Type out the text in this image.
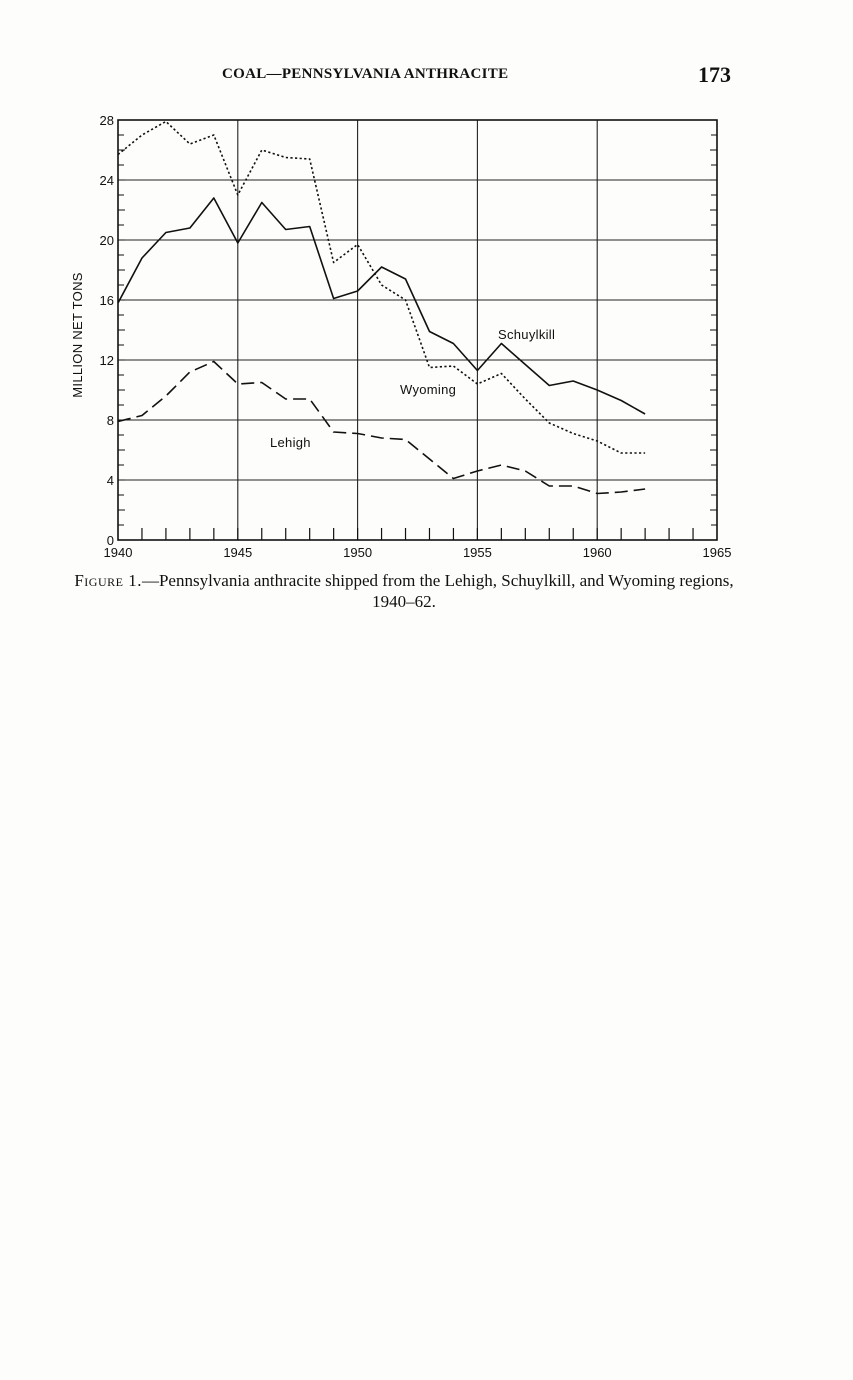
COAL—PENNSYLVANIA ANTHRACITE	173
1940	1945	1950	1955	1960	1965
0
4
8
12
16
20
24
28
MILLION NET TONS	Schuylkill
Wyoming
Lehigh
Figure 1.—Pennsylvania anthracite shipped from the Lehigh, Schuylkill, and Wyoming regions, 1940–62.
